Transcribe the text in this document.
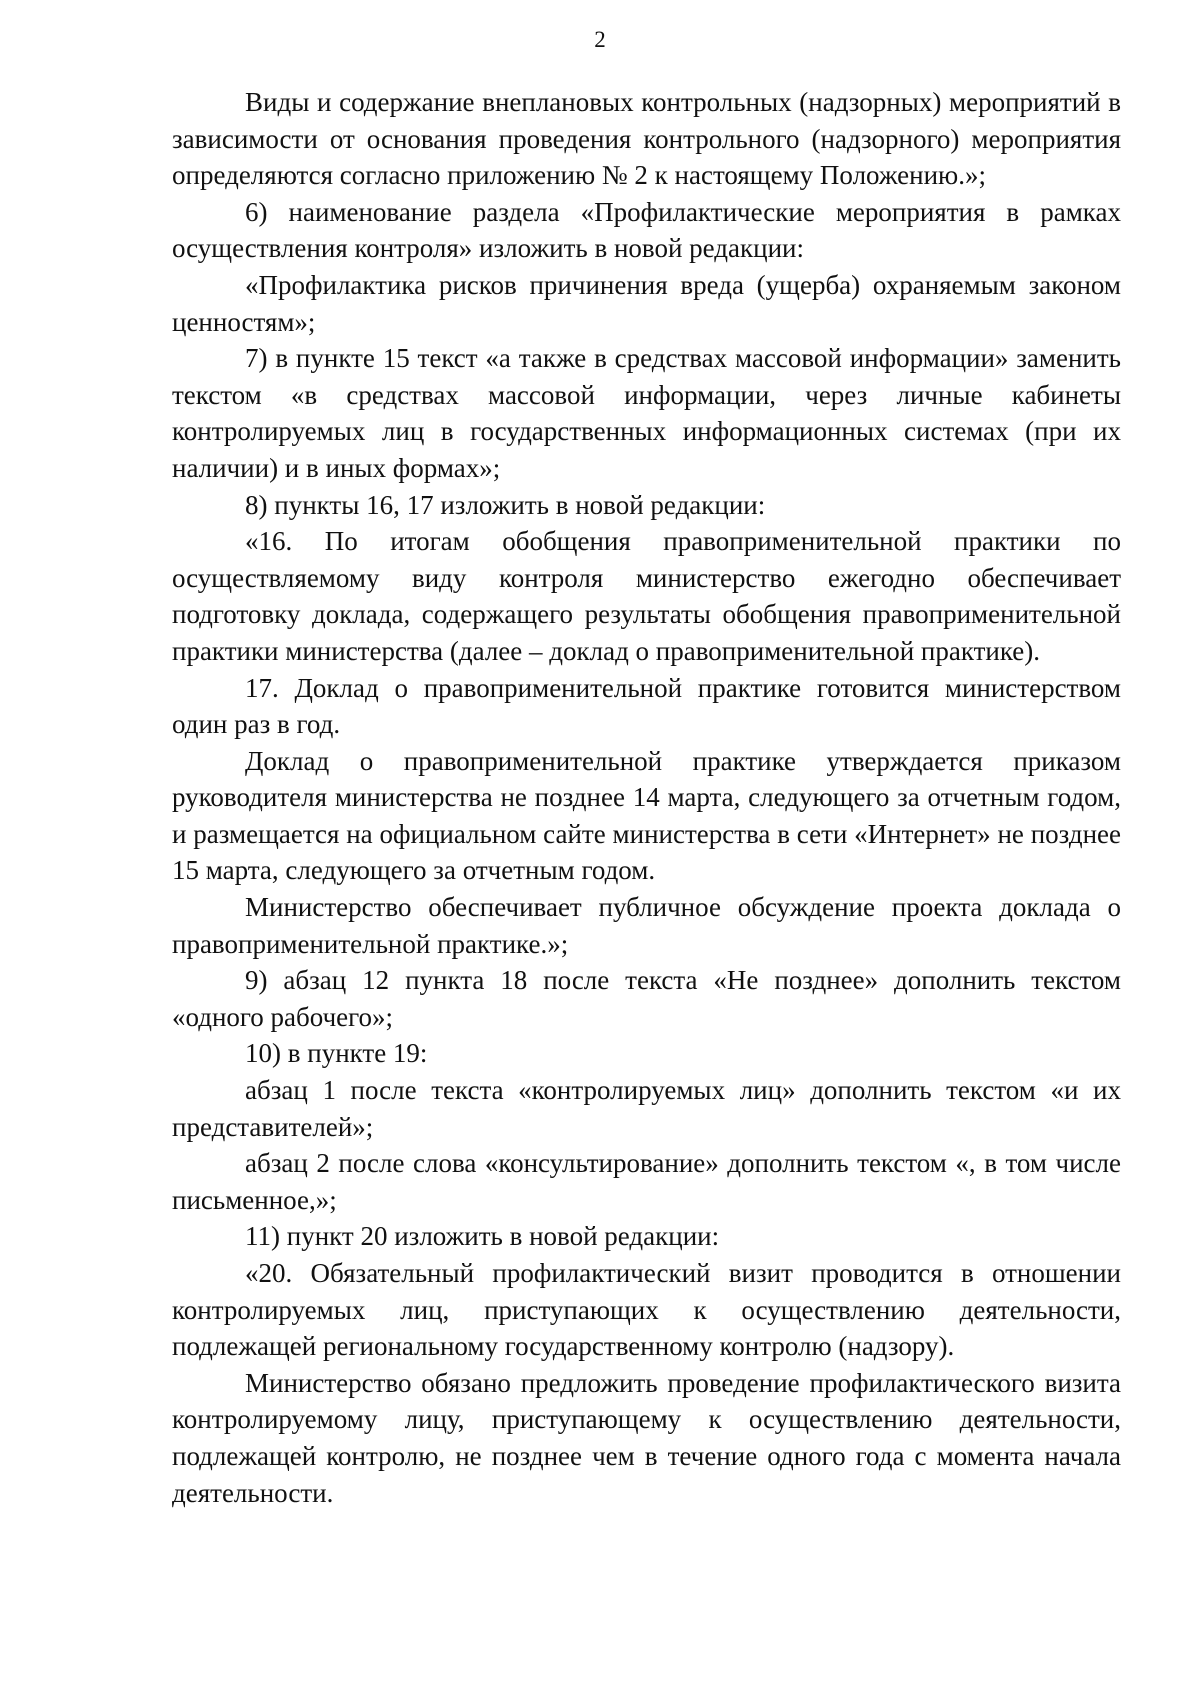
2

Виды и содержание внеплановых контрольных (надзорных) мероприятий в зависимости от основания проведения контрольного (надзорного) мероприятия определяются согласно приложению № 2 к настоящему Положению.»;

6) наименование раздела «Профилактические мероприятия в рамках осуществления контроля» изложить в новой редакции:

«Профилактика рисков причинения вреда (ущерба) охраняемым законом ценностям»;

7) в пункте 15 текст «а также в средствах массовой информации» заменить текстом «в средствах массовой информации, через личные кабинеты контролируемых лиц в государственных информационных системах (при их наличии) и в иных формах»;

8) пункты 16, 17 изложить в новой редакции:

«16. По итогам обобщения правоприменительной практики по осуществляемому виду контроля министерство ежегодно обеспечивает подготовку доклада, содержащего результаты обобщения правоприменительной практики министерства (далее – доклад о правоприменительной практике).

17. Доклад о правоприменительной практике готовится министерством один раз в год.

Доклад о правоприменительной практике утверждается приказом руководителя министерства не позднее 14 марта, следующего за отчетным годом, и размещается на официальном сайте министерства в сети «Интернет» не позднее 15 марта, следующего за отчетным годом.

Министерство обеспечивает публичное обсуждение проекта доклада о правоприменительной практике.»;

9) абзац 12 пункта 18 после текста «Не позднее» дополнить текстом «одного рабочего»;

10) в пункте 19:

абзац 1 после текста «контролируемых лиц» дополнить текстом «и их представителей»;

абзац 2 после слова «консультирование» дополнить текстом «, в том числе письменное,»;

11) пункт 20 изложить в новой редакции:

«20. Обязательный профилактический визит проводится в отношении контролируемых лиц, приступающих к осуществлению деятельности, подлежащей региональному государственному контролю (надзору).

Министерство обязано предложить проведение профилактического визита контролируемому лицу, приступающему к осуществлению деятельности, подлежащей контролю, не позднее чем в течение одного года с момента начала деятельности.
